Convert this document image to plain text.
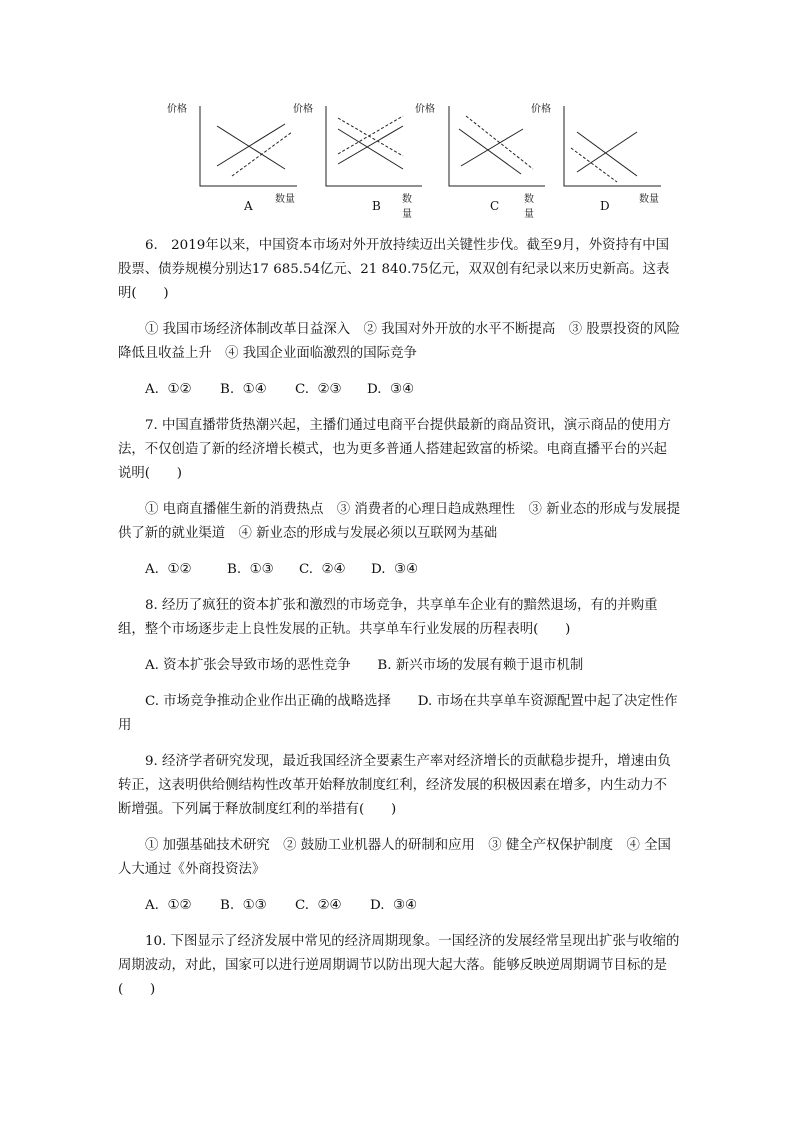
价格
数量
A
价格
数量
B
价格
数量
C
价格
数量
D

6.　2019年以来，中国资本市场对外开放持续迈出关键性步伐。截至9月，外资持有中国股票、债券规模分别达17 685.54亿元、21 840.75亿元，双双创有纪录以来历史新高。这表明(　　)

① 我国市场经济体制改革日益深入　② 我国对外开放的水平不断提高　③ 股票投资的风险降低且收益上升　④ 我国企业面临激烈的国际竞争

A.  ①② B.  ①④ C.  ②③ D.  ③④

7. 中国直播带货热潮兴起，主播们通过电商平台提供最新的商品资讯，演示商品的使用方法，不仅创造了新的经济增长模式，也为更多普通人搭建起致富的桥梁。电商直播平台的兴起说明(　　)

① 电商直播催生新的消费热点　③ 消费者的心理日趋成熟理性　③ 新业态的形成与发展提供了新的就业渠道　④ 新业态的形成与发展必须以互联网为基础

A.  ①②	B.  ①③ C.  ②④ D.  ③④

8. 经历了疯狂的资本扩张和激烈的市场竞争，共享单车企业有的黯然退场，有的并购重组，整个市场逐步走上良性发展的正轨。共享单车行业发展的历程表明(　　)

A. 资本扩张会导致市场的恶性竞争　　B. 新兴市场的发展有赖于退市机制

C. 市场竞争推动企业作出正确的战略选择　　D. 市场在共享单车资源配置中起了决定性作用

9. 经济学者研究发现，最近我国经济全要素生产率对经济增长的贡献稳步提升，增速由负转正，这表明供给侧结构性改革开始释放制度红利，经济发展的积极因素在增多，内生动力不断增强。下列属于释放制度红利的举措有(　　)

① 加强基础技术研究　② 鼓励工业机器人的研制和应用　③ 健全产权保护制度　④ 全国人大通过《外商投资法》

A.  ①② B.  ①③ C.  ②④ D.  ③④

10. 下图显示了经济发展中常见的经济周期现象。一国经济的发展经常呈现出扩张与收缩的周期波动，对此，国家可以进行逆周期调节以防出现大起大落。能够反映逆周期调节目标的是(　　)
